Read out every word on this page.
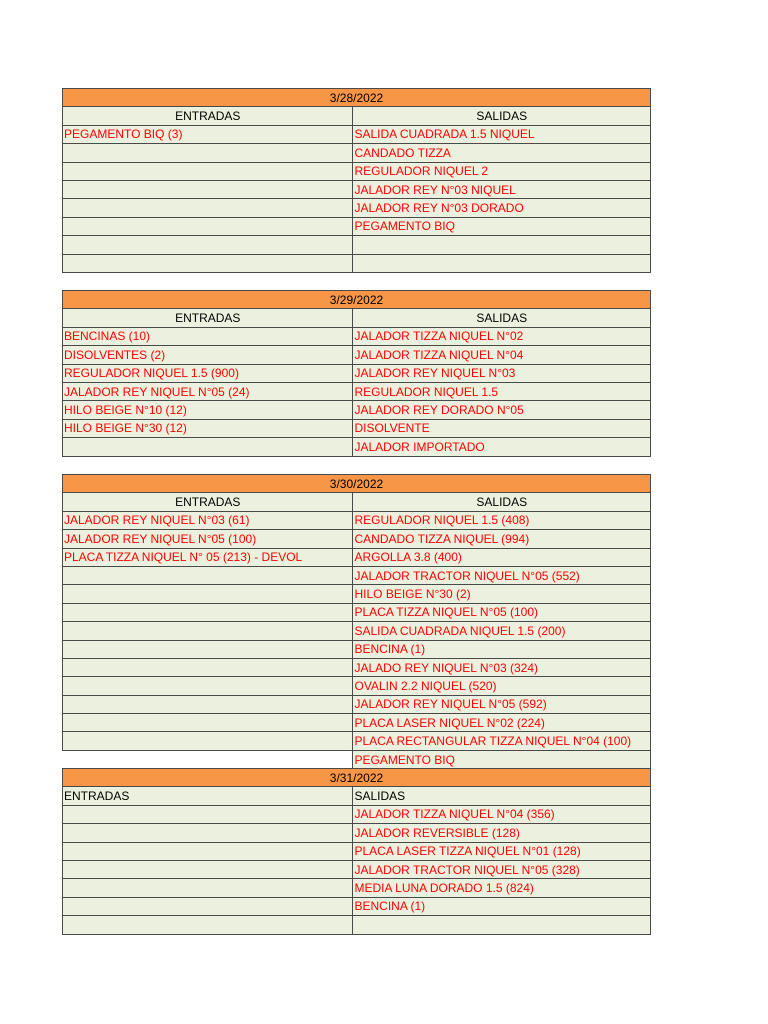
3/28/2022	
ENTRADAS	SALIDAS
PEGAMENTO BIQ (3)	SALIDA CUADRADA 1.5 NIQUEL
	CANDADO TIZZA
	REGULADOR NIQUEL 2
	JALADOR REY N°03 NIQUEL
	JALADOR REY N°03 DORADO
	PEGAMENTO BIQ

3/29/2022	
ENTRADAS	SALIDAS
BENCINAS (10)	JALADOR TIZZA NIQUEL N°02
DISOLVENTES (2)	JALADOR TIZZA NIQUEL N°04
REGULADOR NIQUEL 1.5 (900)	JALADOR REY NIQUEL N°03
JALADOR REY NIQUEL N°05 (24)	REGULADOR NIQUEL 1.5
HILO BEIGE N°10 (12)	JALADOR REY DORADO N°05
HILO BEIGE N°30 (12)	DISOLVENTE
	JALADOR IMPORTADO
3/30/2022	
ENTRADAS	SALIDAS
JALADOR REY NIQUEL N°03 (61)	REGULADOR NIQUEL 1.5 (408)
JALADOR REY NIQUEL N°05 (100)	CANDADO TIZZA NIQUEL (994)
PLACA TIZZA NIQUEL N° 05 (213) - DEVOL	ARGOLLA 3.8 (400)
	JALADOR TRACTOR NIQUEL N°05 (552)
	HILO BEIGE N°30 (2)
	PLACA TIZZA NIQUEL N°05 (100)
	SALIDA CUADRADA NIQUEL 1.5 (200)
	BENCINA (1)
	JALADO REY NIQUEL N°03 (324)
	OVALIN 2.2 NIQUEL (520)
	JALADOR REY NIQUEL N°05 (592)
	PLACA LASER NIQUEL N°02 (224)
	PLACA RECTANGULAR TIZZA NIQUEL N°04 (100)
	PEGAMENTO BIQ
3/31/2022	
ENTRADAS	SALIDAS
	JALADOR TIZZA NIQUEL N°04 (356)
	JALADOR REVERSIBLE (128)
	PLACA LASER TIZZA NIQUEL N°01 (128)
	JALADOR TRACTOR NIQUEL N°05 (328)
	MEDIA LUNA DORADO 1.5 (824)
	BENCINA (1)
